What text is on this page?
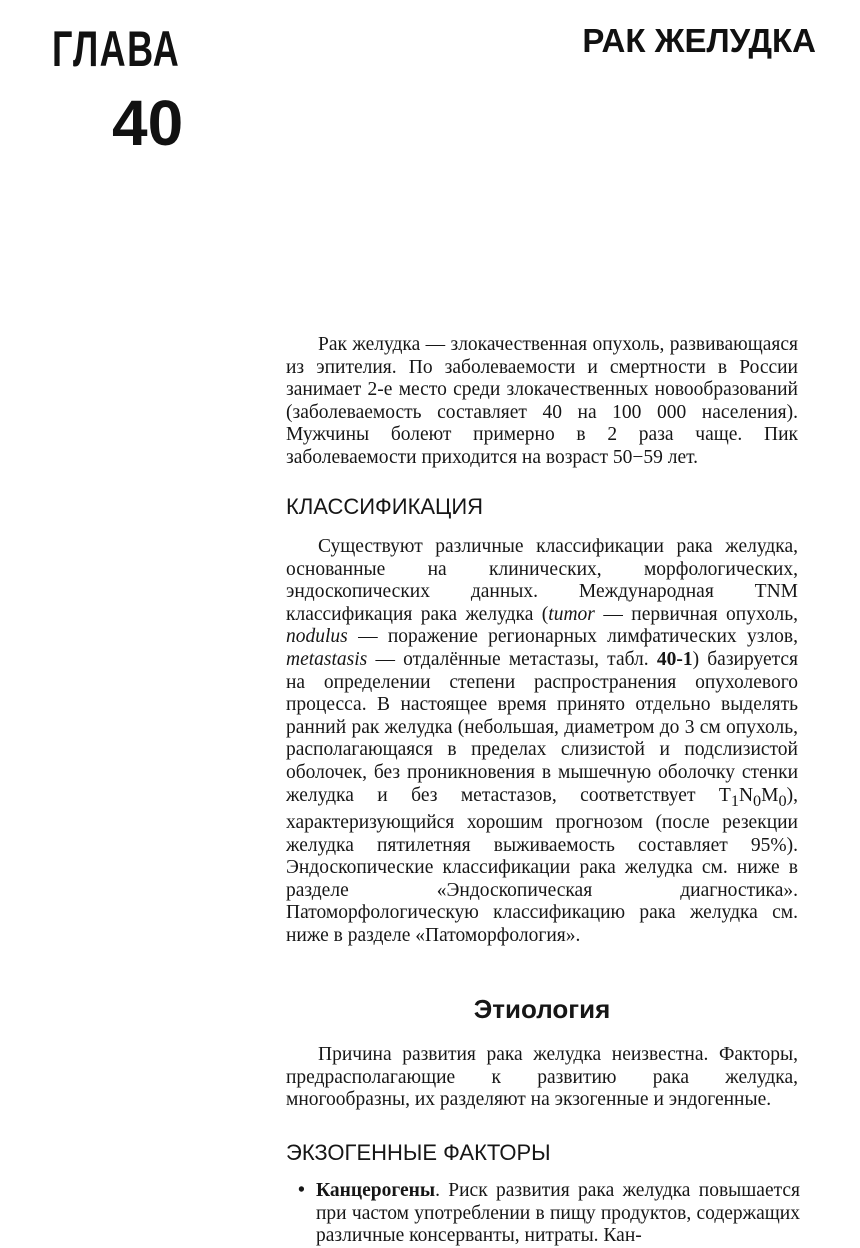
ГЛАВА
40
РАК ЖЕЛУДКА

Рак желудка — злокачественная опухоль, развивающаяся из эпителия. По заболеваемости и смертности в России занимает 2-е место среди злокачественных новообразований (заболеваемость составляет 40 на 100 000 населения). Мужчины болеют примерно в 2 раза чаще. Пик заболеваемости приходится на возраст 50−59 лет.

КЛАССИФИКАЦИЯ

Существуют различные классификации рака желудка, основанные на клинических, морфологических, эндоскопических данных. Международная TNM классификация рака желудка (tumor — первичная опухоль, nodulus — поражение регионарных лимфатических узлов, metastasis — отдалённые метастазы, табл. 40-1) базируется на определении степени распространения опухолевого процесса. В настоящее время принято отдельно выделять ранний рак желудка (небольшая, диаметром до 3 см опухоль, располагающаяся в пределах слизистой и подслизистой оболочек, без проникновения в мышечную оболочку стенки желудка и без метастазов, соответствует $T_1N_0M_0$), характеризующийся хорошим прогнозом (после резекции желудка пятилетняя выживаемость составляет 95%). Эндоскопические классификации рака желудка см. ниже в разделе «Эндоскопическая диагностика». Патоморфологическую классификацию рака желудка см. ниже в разделе «Патоморфология».

Этиология

Причина развития рака желудка неизвестна. Факторы, предрасполагающие к развитию рака желудка, многообразны, их разделяют на экзогенные и эндогенные.

ЭКЗОГЕННЫЕ ФАКТОРЫ
• Канцерогены. Риск развития рака желудка повышается при частом употреблении в пищу продуктов, содержащих различные консерванты, нитраты. Кан-
